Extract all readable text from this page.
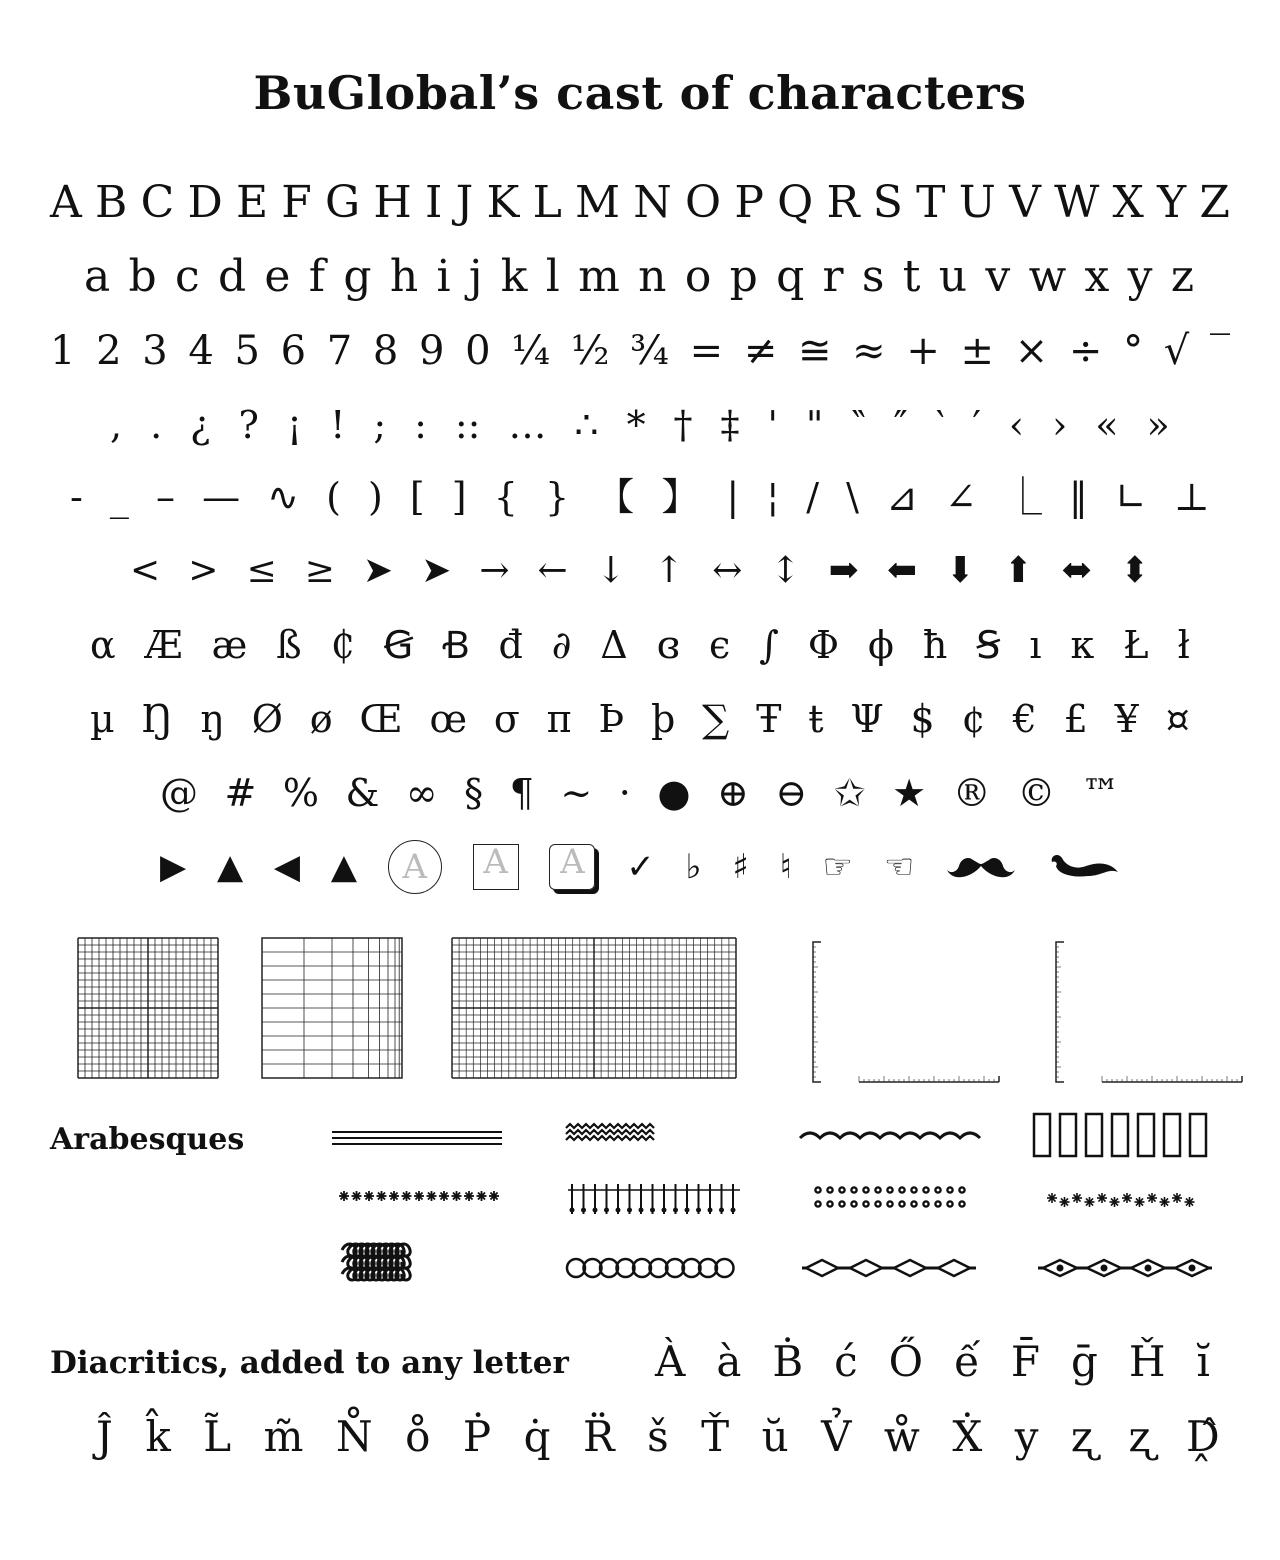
BuGlobal’s cast of characters
A B C D E F G H I J K L M N O P Q R S T U V W X Y Z
a b c d e f g h i j k l m n o p q r s t u v w x y z
1 2 3 4 5 6 7 8 9 0 ¼ ½ ¾ = ≠ ≅ ≈ + ± × ÷ ° √ ‾
, . ¿ ? ¡ ! ; : :: … ∴ * † ‡ ' " ‶ ″ ‵ ′ ‹ › « »
- _ – — ∿ ( ) [ ] { } 【 】 | ¦ / \ ⊿ ∠ ⎿ ‖ ∟ ⊥
< > ≤ ≥ ➤ ➤ → ← ↓ ↑ ↔ ↕ ➡ ⬅ ⬇ ⬆ ⬌ ⬍
α Æ æ ß ₵ Ꞡ Ꞗ đ ∂ Δ ɞ є ∫ Φ ϕ ħ Ꞩ ı κ Ł ł
µ Ŋ ŋ Ø ø Œ œ σ π Þ þ ∑ Ŧ ŧ Ψ $ ¢ € £ ¥ ¤
@ # % & ∞ § ¶ ~ · ● ⊕ ⊖ ✩ ★ ® © ™
▶ ▲ ◀ ▲	A	A	A	✓ ♭ ♯ ♮ ☞ ☜
Arabesques
Diacritics, added to any letter À à Ḃ ć Ő ế F̄ ḡ Ȟ ĭ
Ĵ k̂ L̃ m̃ N̊ o̊ Ṗ q̇ R̈ š Ť ŭ V̉ ẘ Ẋ y ʐ ʐ Ḓ̂
